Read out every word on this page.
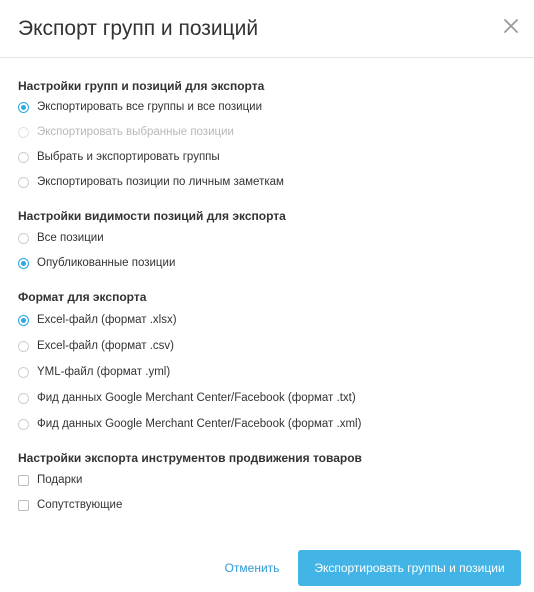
Экспорт групп и позиций
Настройки групп и позиций для экспорта
Экспортировать все группы и все позиции
Экспортировать выбранные позиции
Выбрать и экспортировать группы
Экспортировать позиции по личным заметкам
Настройки видимости позиций для экспорта
Все позиции
Опубликованные позиции
Формат для экспорта
Excel-файл (формат .xlsx)
Excel-файл (формат .csv)
YML-файл (формат .yml)
Фид данных Google Merchant Center/Facebook (формат .txt)
Фид данных Google Merchant Center/Facebook (формат .xml)
Настройки экспорта инструментов продвижения товаров
Подарки
Сопутствующие
Отменить	Экспортировать группы и позиции
